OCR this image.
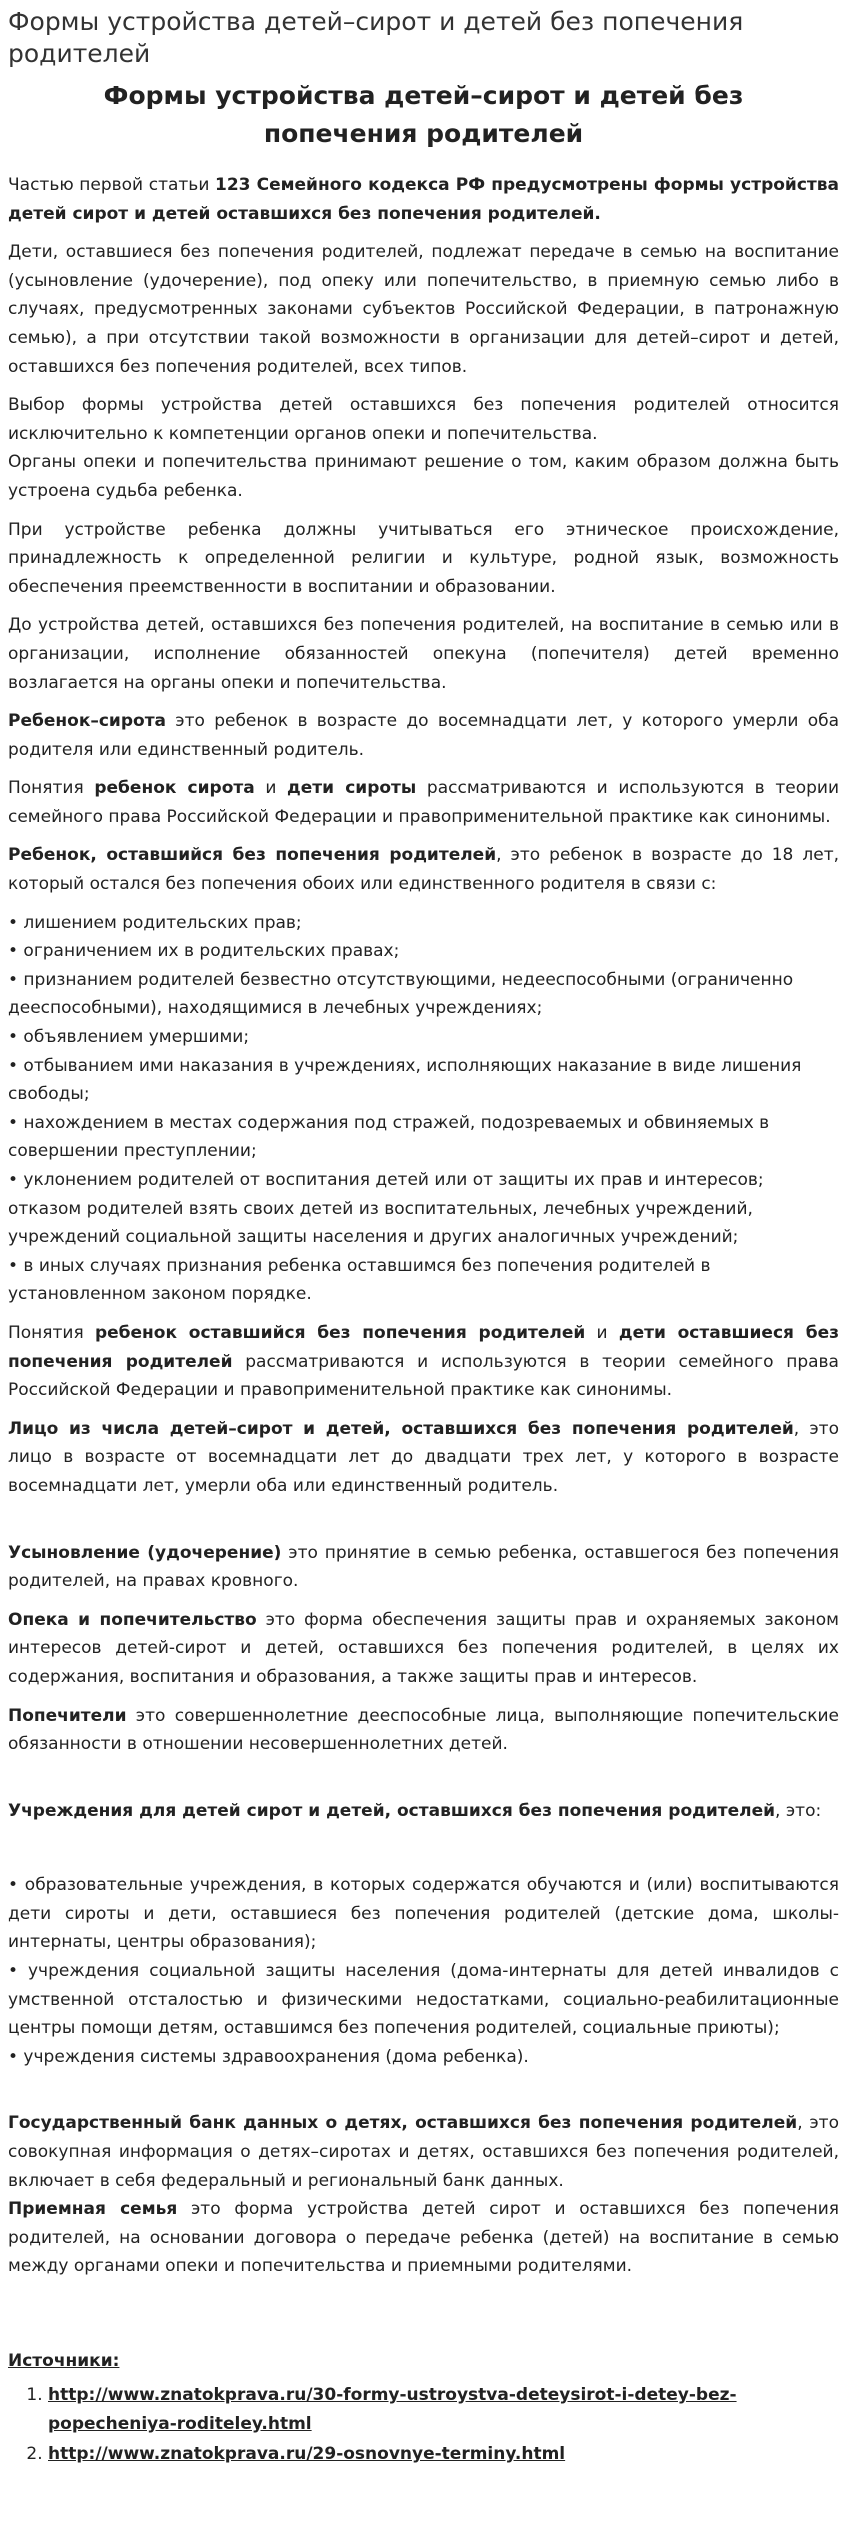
Формы устройства детей–сирот и детей без попечения родителей
Формы устройства детей–сирот и детей без
попечения родителей

Частью первой статьи 123 Семейного кодекса РФ предусмотрены формы устройства детей сирот и детей оставшихся без попечения родителей.

Дети, оставшиеся без попечения родителей, подлежат передаче в семью на воспитание (усыновление (удочерение), под опеку или попечительство, в приемную семью либо в случаях, предусмотренных законами субъектов Российской Федерации, в патронажную семью), а при отсутствии такой возможности в организации для детей–сирот и детей, оставшихся без попечения родителей, всех типов.

Выбор формы устройства детей оставшихся без попечения родителей относится исключительно к компетенции органов опеки и попечительства.
Органы опеки и попечительства принимают решение о том, каким образом должна быть устроена судьба ребенка.

При устройстве ребенка должны учитываться его этническое происхождение, принадлежность к определенной религии и культуре, родной язык, возможность обеспечения преемственности в воспитании и образовании.

До устройства детей, оставшихся без попечения родителей, на воспитание в семью или в организации, исполнение обязанностей опекуна (попечителя) детей временно возлагается на органы опеки и попечительства.

Ребенок–сирота это ребенок в возрасте до восемнадцати лет, у которого умерли оба родителя или единственный родитель.

Понятия ребенок сирота и дети сироты рассматриваются и используются в теории семейного права Российской Федерации и правоприменительной практике как синонимы.

Ребенок, оставшийся без попечения родителей, это ребенок в возрасте до 18 лет, который остался без попечения обоих или единственного родителя в связи с:

• лишением родительских прав;
• ограничением их в родительских правах;
• признанием родителей безвестно отсутствующими, недееспособными (ограниченно дееспособными), находящимися в лечебных учреждениях;
• объявлением умершими;
• отбыванием ими наказания в учреждениях, исполняющих наказание в виде лишения свободы;
• нахождением в местах содержания под стражей, подозреваемых и обвиняемых в совершении преступлении;
• уклонением родителей от воспитания детей или от защиты их прав и интересов; отказом родителей взять своих детей из воспитательных, лечебных учреждений, учреждений социальной защиты населения и других аналогичных учреждений;
• в иных случаях признания ребенка оставшимся без попечения родителей в установленном законом порядке.

Понятия ребенок оставшийся без попечения родителей и дети оставшиеся без попечения родителей рассматриваются и используются в теории семейного права Российской Федерации и правоприменительной практике как синонимы.

Лицо из числа детей–сирот и детей, оставшихся без попечения родителей, это лицо в возрасте от восемнадцати лет до двадцати трех лет, у которого в возрасте восемнадцати лет, умерли оба или единственный родитель.

Усыновление (удочерение) это принятие в семью ребенка, оставшегося без попечения родителей, на правах кровного.

Опека и попечительство это форма обеспечения защиты прав и охраняемых законом интересов детей-сирот и детей, оставшихся без попечения родителей, в целях их содержания, воспитания и образования, а также защиты прав и интересов.

Попечители это совершеннолетние дееспособные лица, выполняющие попечительские обязанности в отношении несовершеннолетних детей.

Учреждения для детей сирот и детей, оставшихся без попечения родителей, это:

• образовательные учреждения, в которых содержатся обучаются и (или) воспитываются дети сироты и дети, оставшиеся без попечения родителей (детские дома, школы-интернаты, центры образования);
• учреждения социальной защиты населения (дома-интернаты для детей инвалидов с умственной отсталостью и физическими недостатками, социально-реабилитационные центры помощи детям, оставшимся без попечения родителей, социальные приюты);
• учреждения системы здравоохранения (дома ребенка).

Государственный банк данных о детях, оставшихся без попечения родителей, это совокупная информация о детях–сиротах и детях, оставшихся без попечения родителей, включает в себя федеральный и региональный банк данных.
Приемная семья это форма устройства детей сирот и оставшихся без попечения родителей, на основании договора о передаче ребенка (детей) на воспитание в семью между органами опеки и попечительства и приемными родителями.

Источники:
1. http://www.znatokprava.ru/30-formy-ustroystva-deteysirot-i-detey-bez-popecheniya-roditeley.html
2. http://www.znatokprava.ru/29-osnovnye-terminy.html
